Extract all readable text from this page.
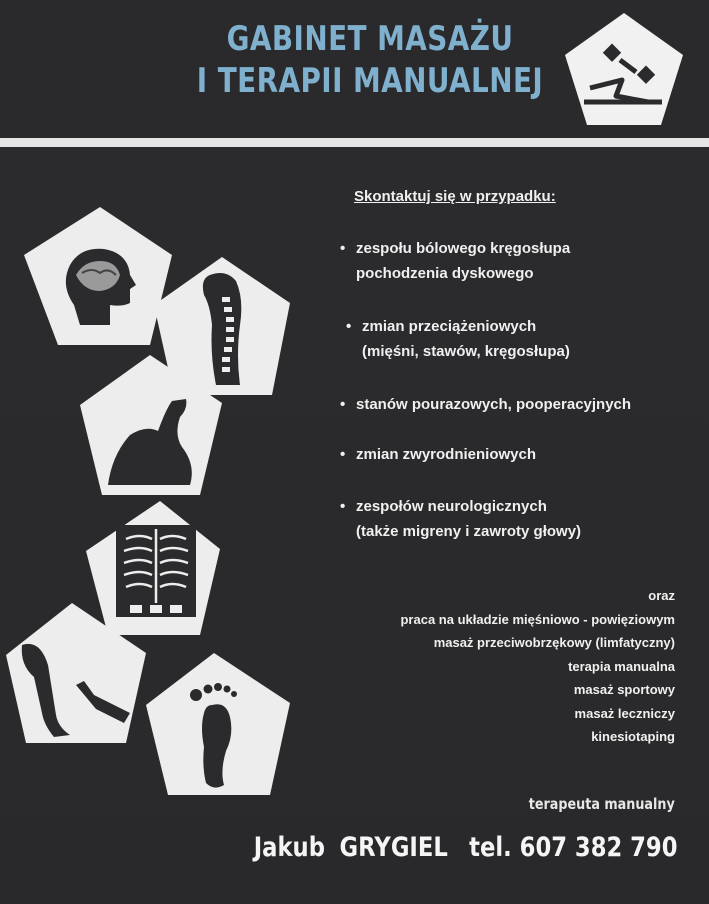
GABINET MASAŻU
I TERAPII MANUALNEJ
Skontaktuj się w przypadku:
• zespołu bólowego kręgosłupa
pochodzenia dyskowego
• zmian przeciążeniowych
(mięśni, stawów, kręgosłupa)
• stanów pourazowych, pooperacyjnych
• zmian zwyrodnieniowych
• zespołów neurologicznych
(także migreny i zawroty głowy)
oraz
praca na układzie mięśniowo - powięziowym
masaż przeciwobrzękowy (limfatyczny)
terapia manualna
masaż sportowy
masaż leczniczy
kinesiotaping
terapeuta manualny
Jakub GRYGIEL tel. 607 382 790
